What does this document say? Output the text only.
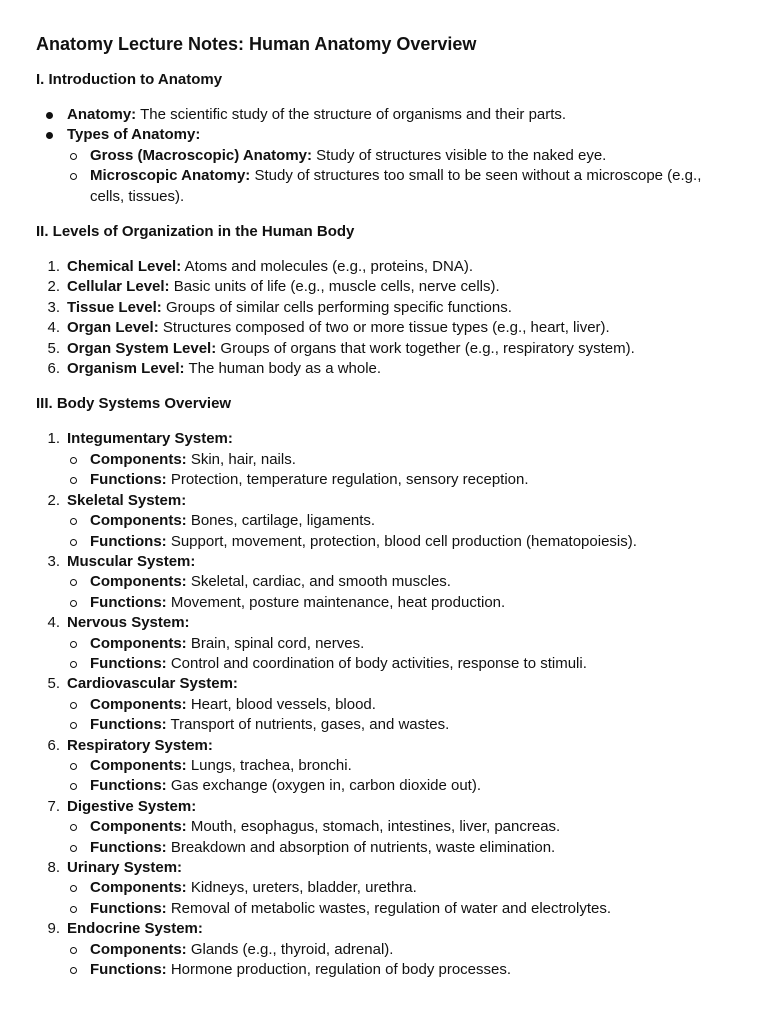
Anatomy Lecture Notes: Human Anatomy Overview
I. Introduction to Anatomy
Anatomy: The scientific study of the structure of organisms and their parts.
Types of Anatomy:
Gross (Macroscopic) Anatomy: Study of structures visible to the naked eye.
Microscopic Anatomy: Study of structures too small to be seen without a microscope (e.g., cells, tissues).
II. Levels of Organization in the Human Body
1. Chemical Level: Atoms and molecules (e.g., proteins, DNA).
2. Cellular Level: Basic units of life (e.g., muscle cells, nerve cells).
3. Tissue Level: Groups of similar cells performing specific functions.
4. Organ Level: Structures composed of two or more tissue types (e.g., heart, liver).
5. Organ System Level: Groups of organs that work together (e.g., respiratory system).
6. Organism Level: The human body as a whole.
III. Body Systems Overview
1. Integumentary System:
Components: Skin, hair, nails.
Functions: Protection, temperature regulation, sensory reception.
2. Skeletal System:
Components: Bones, cartilage, ligaments.
Functions: Support, movement, protection, blood cell production (hematopoiesis).
3. Muscular System:
Components: Skeletal, cardiac, and smooth muscles.
Functions: Movement, posture maintenance, heat production.
4. Nervous System:
Components: Brain, spinal cord, nerves.
Functions: Control and coordination of body activities, response to stimuli.
5. Cardiovascular System:
Components: Heart, blood vessels, blood.
Functions: Transport of nutrients, gases, and wastes.
6. Respiratory System:
Components: Lungs, trachea, bronchi.
Functions: Gas exchange (oxygen in, carbon dioxide out).
7. Digestive System:
Components: Mouth, esophagus, stomach, intestines, liver, pancreas.
Functions: Breakdown and absorption of nutrients, waste elimination.
8. Urinary System:
Components: Kidneys, ureters, bladder, urethra.
Functions: Removal of metabolic wastes, regulation of water and electrolytes.
9. Endocrine System:
Components: Glands (e.g., thyroid, adrenal).
Functions: Hormone production, regulation of body processes.
